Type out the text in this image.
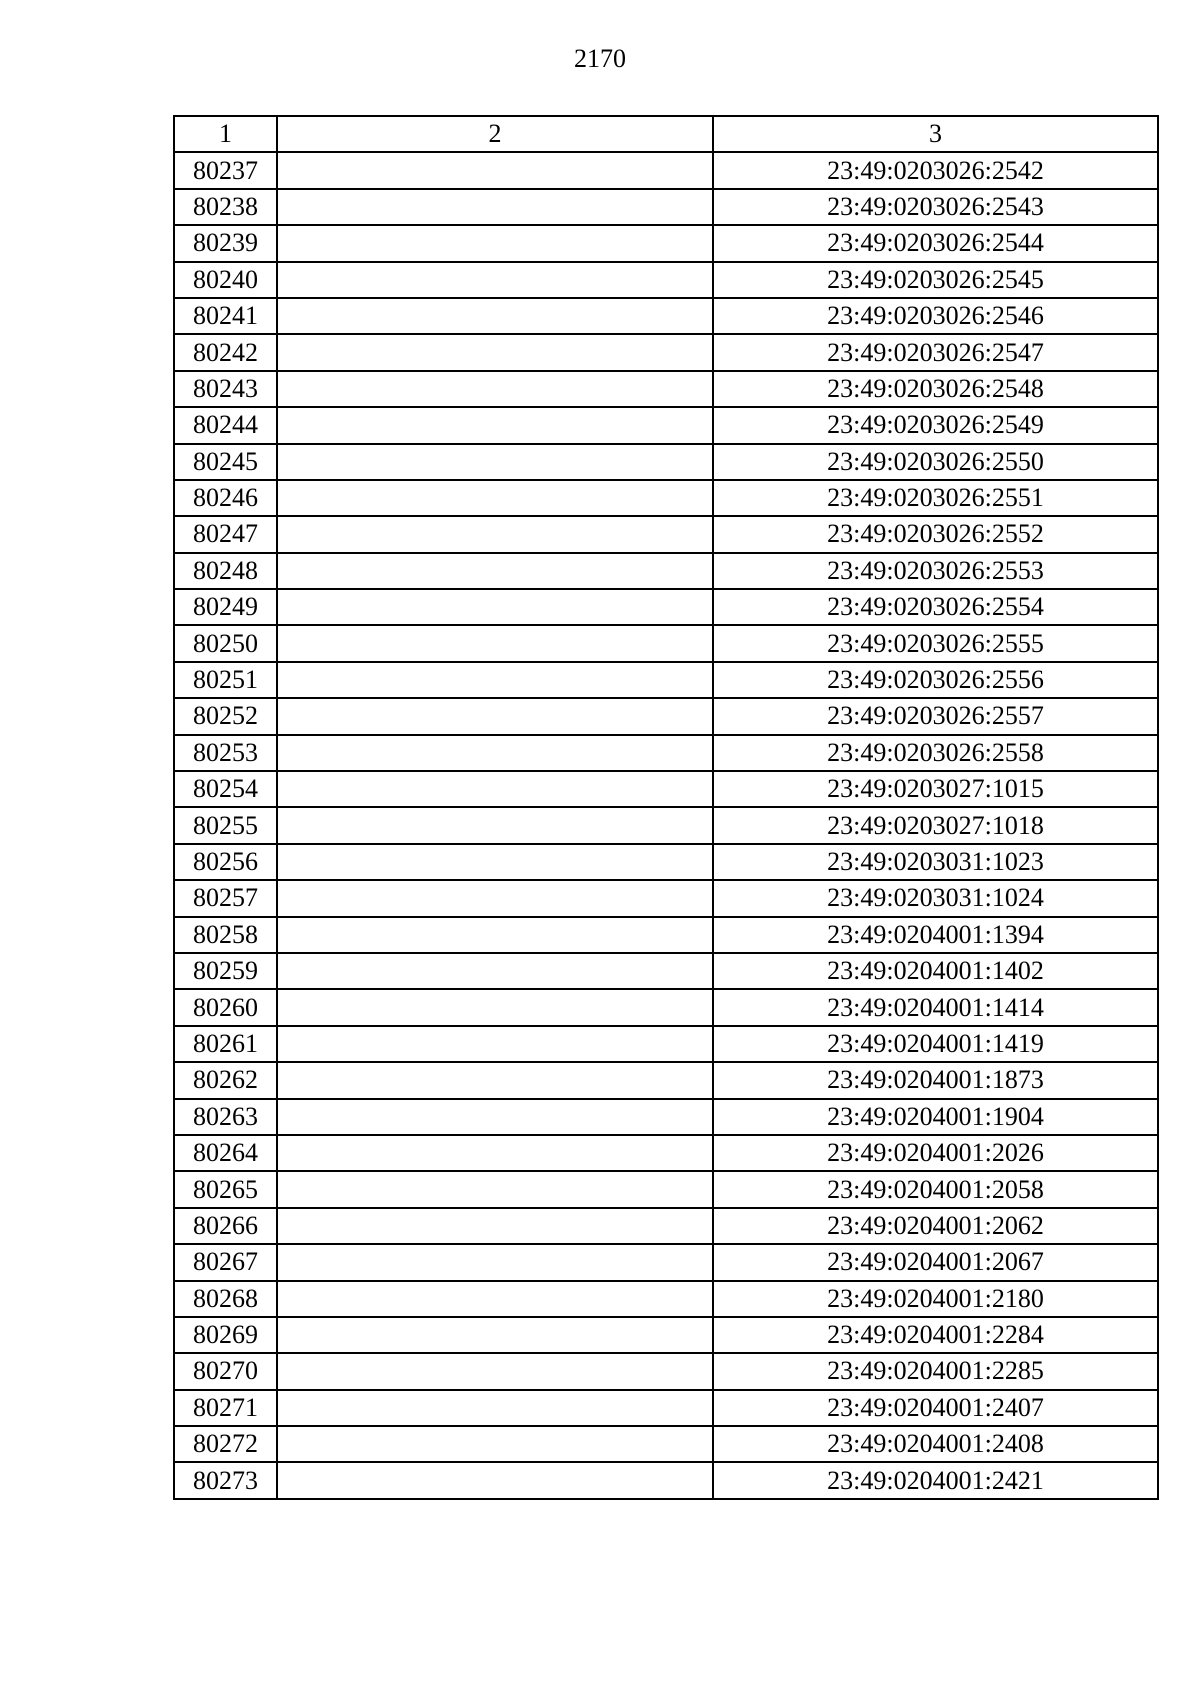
2170
1	2	3
80237		23:49:0203026:2542
80238		23:49:0203026:2543
80239		23:49:0203026:2544
80240		23:49:0203026:2545
80241		23:49:0203026:2546
80242		23:49:0203026:2547
80243		23:49:0203026:2548
80244		23:49:0203026:2549
80245		23:49:0203026:2550
80246		23:49:0203026:2551
80247		23:49:0203026:2552
80248		23:49:0203026:2553
80249		23:49:0203026:2554
80250		23:49:0203026:2555
80251		23:49:0203026:2556
80252		23:49:0203026:2557
80253		23:49:0203026:2558
80254		23:49:0203027:1015
80255		23:49:0203027:1018
80256		23:49:0203031:1023
80257		23:49:0203031:1024
80258		23:49:0204001:1394
80259		23:49:0204001:1402
80260		23:49:0204001:1414
80261		23:49:0204001:1419
80262		23:49:0204001:1873
80263		23:49:0204001:1904
80264		23:49:0204001:2026
80265		23:49:0204001:2058
80266		23:49:0204001:2062
80267		23:49:0204001:2067
80268		23:49:0204001:2180
80269		23:49:0204001:2284
80270		23:49:0204001:2285
80271		23:49:0204001:2407
80272		23:49:0204001:2408
80273		23:49:0204001:2421
